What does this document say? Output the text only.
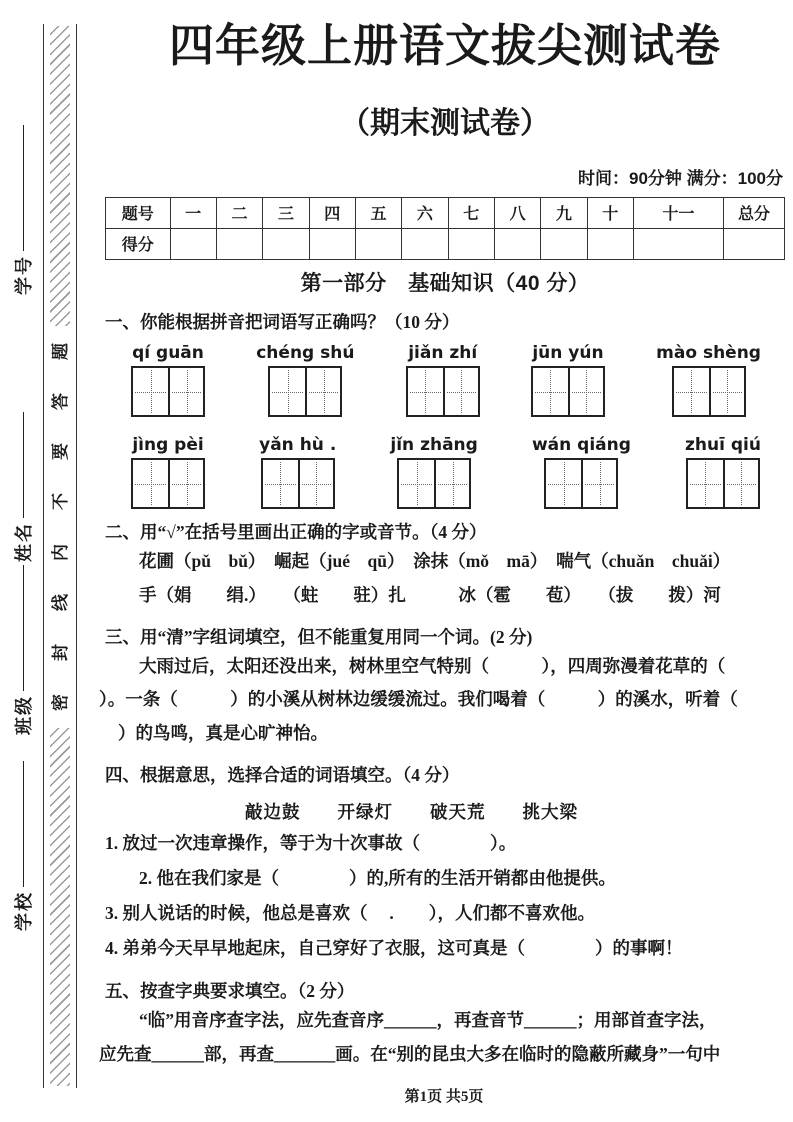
学号
姓名
班级
学校
题
答
要
不
内
线
封
密
四年级上册语文拔尖测试卷
（期末测试卷）
时间：90分钟 满分：100分
题号	一	二	三	四	五	六	七	八	九	十	十一	总分
得分												
第一部分　基础知识（40 分）

一、你能根据拼音把词语写正确吗？（10 分）

qí guān	chéng shú	jiǎn zhí	jūn yún	mào shèng
jìng pèi	yǎn hù .	jǐn zhāng	wán qiáng	zhuī qiú

二、用“√”在括号里画出正确的字或音节。（4 分）

花圃（pǔ　bǔ）　崛起（jué　qū）　涂抹（mǒ　mā）　喘气（chuǎn　chuǎi）

手（娟　　绢.）　　（蛀　　驻）扎　　　冰（雹　　苞）　　（拔　　拨）河

三、用“清”字组词填空，但不能重复用同一个词。(2 分)

大雨过后，太阳还没出来，树林里空气特别（　　　），四周弥漫着花草的（

）。一条（　　　）的小溪从树林边缓缓流过。我们喝着（　　　）的溪水，听着（

）的鸟鸣，真是心旷神怡。

四、根据意思，选择合适的词语填空。（4 分）

敲边鼓　　开绿灯　　破天荒　　挑大梁

1. 放过一次违章操作，等于为十次事故（　　　　）。

2. 他在我们家是（　　　　）的,所有的生活开销都由他提供。

3. 别人说话的时候，他总是喜欢（　 .　　），人们都不喜欢他。

4. 弟弟今天早早地起床，自己穿好了衣服，这可真是（　　　　）的事啊！

五、按查字典要求填空。（2 分）

“临”用音序查字法，应先查音序______，再查音节______；用部首查字法，

应先查______部，再查_______画。在“别的昆虫大多在临时的隐蔽所藏身”一句中

第1页 共5页
